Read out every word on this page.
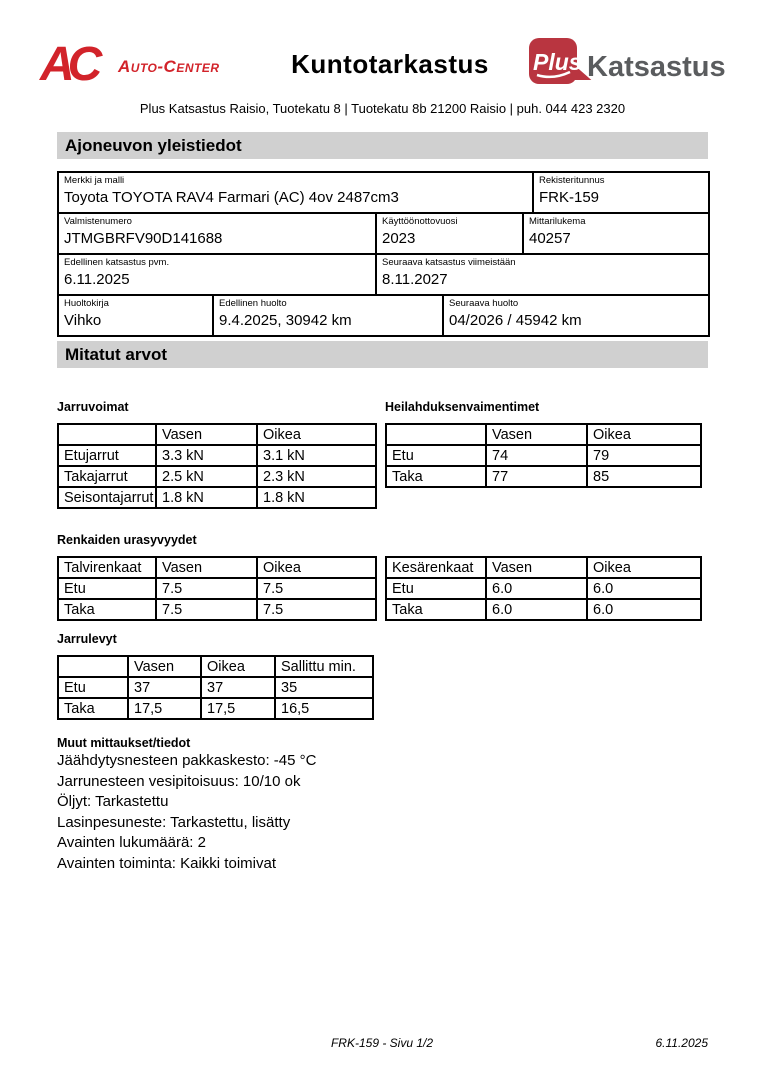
AC	Auto-Center	Kuntotarkastus	Plus Katsastus
Plus Katsastus Raisio, Tuotekatu 8 | Tuotekatu 8b 21200 Raisio | puh. 044 423 2320
Ajoneuvon yleistiedot
Merkki ja malli
Toyota TOYOTA RAV4 Farmari (AC) 4ov 2487cm3

Rekisteritunnus
FRK-159
Valmistenumero
JTMGBRFV90D141688

Käyttöönottovuosi
2023

Mittarilukema
40257
Edellinen katsastus pvm.
6.11.2025

Seuraava katsastus viimeistään
8.11.2027
Huoltokirja
Vihko

Edellinen huolto
9.4.2025, 30942 km

Seuraava huolto
04/2026 / 45942 km
Mitatut arvot
Jarruvoimat	Heilahduksenvaimentimet
	Vasen	Oikea
Etujarrut	3.3 kN	3.1 kN
Takajarrut	2.5 kN	2.3 kN
Seisontajarrut	1.8 kN	1.8 kN
	Vasen	Oikea
Etu	74	79
Taka	77	85
Renkaiden urasyvyydet
Talvirenkaat	Vasen	Oikea
Etu	7.5	7.5
Taka	7.5	7.5
Kesärenkaat	Vasen	Oikea
Etu	6.0	6.0
Taka	6.0	6.0
Jarrulevyt
	Vasen	Oikea	Sallittu min.
Etu	37	37	35
Taka	17,5	17,5	16,5
Muut mittaukset/tiedot
Jäähdytysnesteen pakkaskesto: -45 °C
Jarrunesteen vesipitoisuus: 10/10 ok
Öljyt: Tarkastettu
Lasinpesuneste: Tarkastettu, lisätty
Avainten lukumäärä: 2
Avainten toiminta: Kaikki toimivat
FRK-159 - Sivu 1/2	6.11.2025
